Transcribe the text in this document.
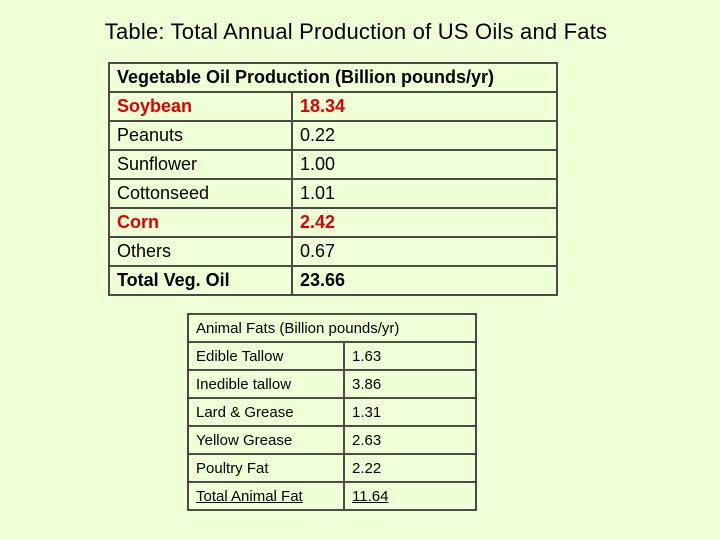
Table: Total Annual Production of US Oils and Fats
Vegetable Oil Production (Billion pounds/yr)	
Soybean	18.34
Peanuts	0.22
Sunflower	1.00
Cottonseed	1.01
Corn	2.42
Others	0.67
Total Veg. Oil	23.66
Animal Fats (Billion pounds/yr)	
Edible Tallow	1.63
Inedible tallow	3.86
Lard & Grease	1.31
Yellow Grease	2.63
Poultry Fat	2.22
Total Animal Fat	11.64
